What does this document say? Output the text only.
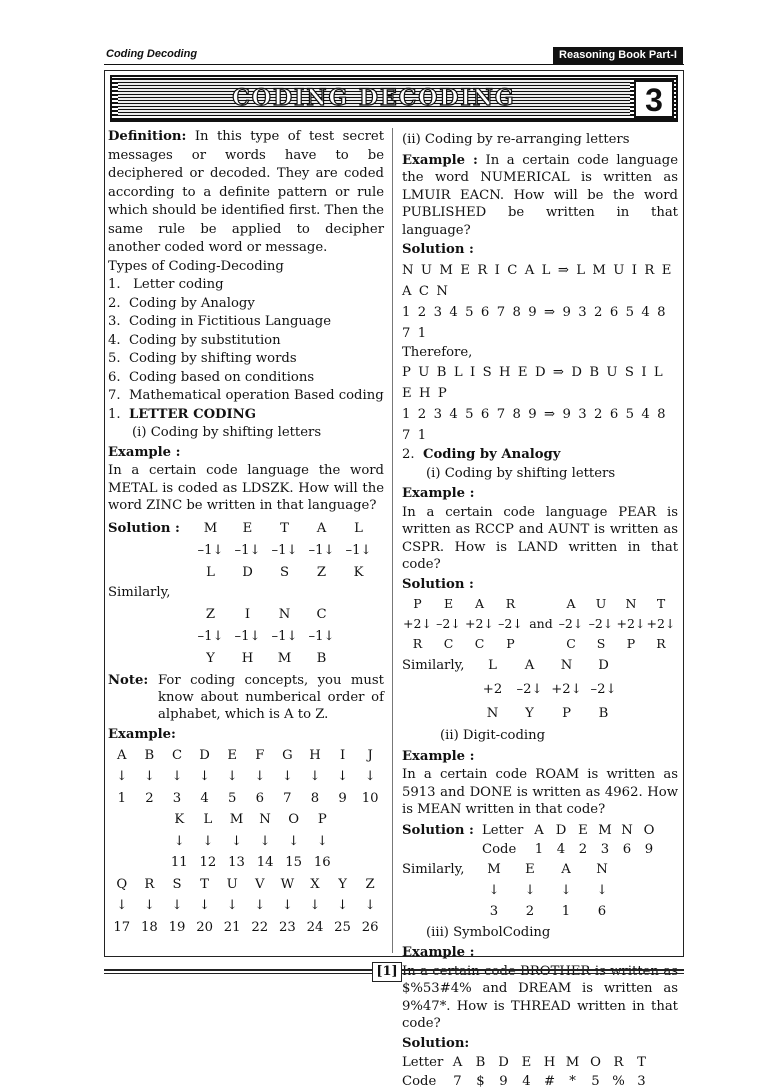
Coding Decoding	Reasoning Book Part-I
CODING DECODING	3

Definition: In this type of test secret messages or words have to be deciphered or decoded. They are coded according to a definite pattern or rule which should be identified first. Then the same rule be applied to decipher another coded word or message.

Types of Coding-Decoding
1.   Letter coding
2.  Coding by Analogy
3.  Coding in Fictitious Language
4.  Coding by substitution
5.  Coding by shifting words
6.  Coding based on conditions
7.  Mathematical operation Based coding
1. LETTER CODING
(i) Coding by shifting letters
Example :

In a certain code language the word METAL is coded as LDSZK. How will the word ZINC be written in that language?

Solution :	M	E	T	A	L
–1↓ –1↓ –1↓ –1↓ –1↓
L	D	S	Z	K
Similarly,
Z	I	N	C
–1↓ –1↓ –1↓ –1↓
Y	H	M	B
Note: For coding concepts, you must know about numberical order of alphabet, which is A to Z.

Example:
A	B	C	D	E	F	G	H	I	J
↓	↓	↓	↓	↓	↓	↓	↓	↓	↓
1	2	3	4	5	6	7	8	9	10
K	L	M	N	O	P
↓	↓	↓	↓	↓	↓
11 12 13 14 15 16
Q	R	S	T	U	V	W	X	Y	Z
↓	↓	↓	↓	↓	↓	↓	↓	↓	↓
17 18 19 20 21 22 23 24 25 26
(ii) Coding by re-arranging letters

Example : In a certain code language the word NUMERICAL is written as LMUIR EACN. How will be the word PUBLISHED be written in that language?

Solution :
N U M E R I C A L ⇒ L M U I R E A C N
1 2 3 4 5 6 7 8 9 ⇒ 9 3 2 6 5 4 8 7 1
Therefore,
P U B L I S H E D ⇒ D B U S I L E H P
1 2 3 4 5 6 7 8 9 ⇒ 9 3 2 6 5 4 8 7 1
2. Coding by Analogy
(i) Coding by shifting letters
Example :

In a certain code language PEAR is written as RCCP and AUNT is written as CSPR. How is LAND written in that code?

Solution :
P	E	A	R
+2↓ –2↓ +2↓ –2↓
R	C	C	P
and
A	U	N	T
–2↓ –2↓ +2↓ +2↓
C	S	P	R
Similarly,	L	A	N	D
+2	–2↓ +2↓ –2↓
N	Y	P	B
(ii) Digit-coding
Example :

In a certain code ROAM is written as 5913 and DONE is written as 4962. How is MEAN written in that code?

Solution : Letter A D E M N O
Code	1	4	2	3	6	9
Similarly,	M	E	A	N
↓	↓	↓	↓
3	2	1	6
(iii) SymbolCoding
Example :

In a certain code BROTHER is written as $%53#4% and DREAM is written as 9%47*. How is THREAD written in that code?

Solution:
Letter A	B D E H M O R	T
Code	7	$	9	4	#	*	5 % 3
[1]
